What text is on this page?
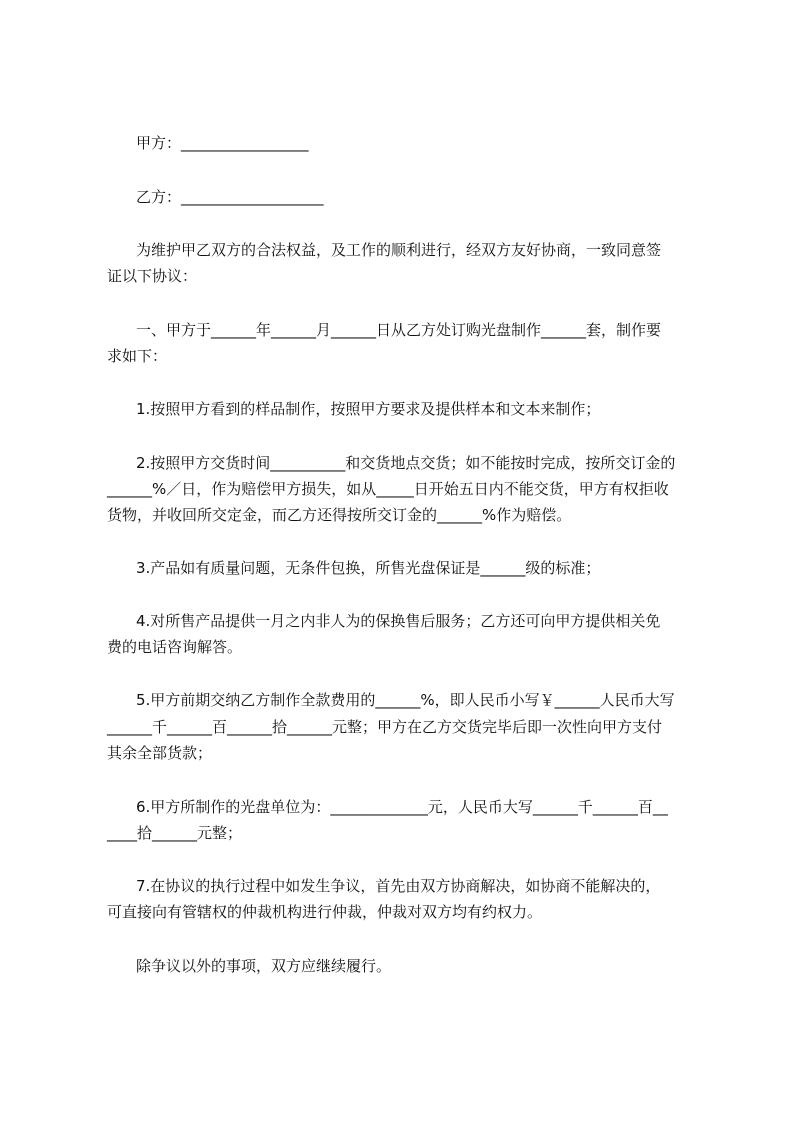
甲方：_________________
乙方：___________________
为维护甲乙双方的合法权益，及工作的顺利进行，经双方友好协商，一致同意签
证以下协议：
一、甲方于______年______月______日从乙方处订购光盘制作______套，制作要
求如下：
1.按照甲方看到的样品制作，按照甲方要求及提供样本和文本来制作；
2.按照甲方交货时间__________和交货地点交货；如不能按时完成，按所交订金的
______%／日，作为赔偿甲方损失，如从_____日开始五日内不能交货，甲方有权拒收
货物，并收回所交定金，而乙方还得按所交订金的______%作为赔偿。
3.产品如有质量问题，无条件包换，所售光盘保证是______级的标准；
4.对所售产品提供一月之内非人为的保换售后服务；乙方还可向甲方提供相关免
费的电话咨询解答。
5.甲方前期交纳乙方制作全款费用的______%，即人民币小写￥______人民币大写
______千______百______拾______元整；甲方在乙方交货完毕后即一次性向甲方支付
其余全部货款；
6.甲方所制作的光盘单位为：_____________元，人民币大写______千______百__
____拾______元整；
7.在协议的执行过程中如发生争议，首先由双方协商解决，如协商不能解决的，
可直接向有管辖权的仲裁机构进行仲裁，仲裁对双方均有约权力。
除争议以外的事项，双方应继续履行。
